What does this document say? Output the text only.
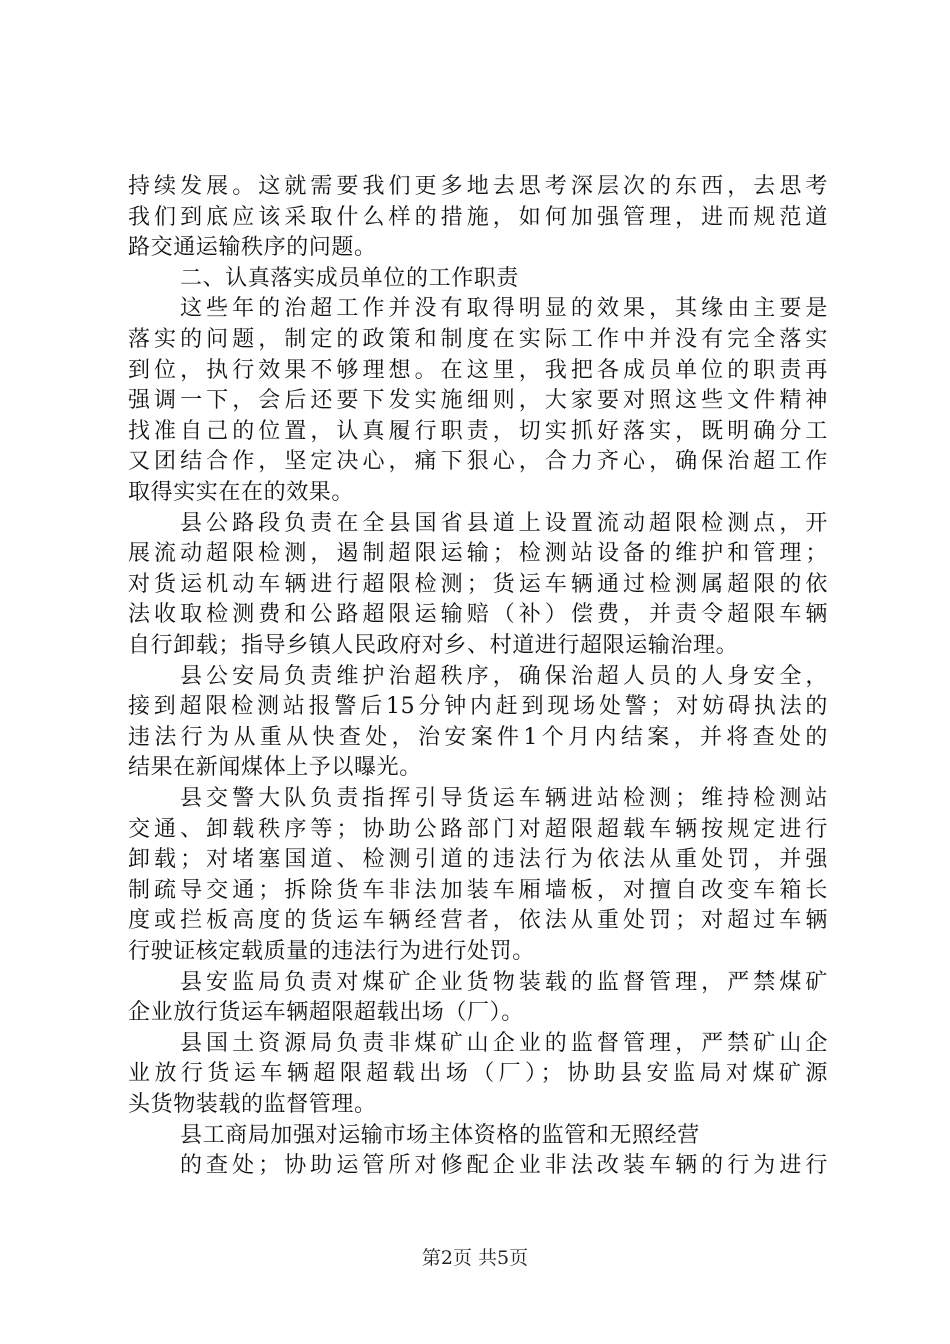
持续发展。这就需要我们更多地去思考深层次的东西，去思考
我们到底应该采取什么样的措施，如何加强管理，进而规范道
路交通运输秩序的问题。
二、认真落实成员单位的工作职责
这些年的治超工作并没有取得明显的效果，其缘由主要是
落实的问题，制定的政策和制度在实际工作中并没有完全落实
到位，执行效果不够理想。在这里，我把各成员单位的职责再
强调一下，会后还要下发实施细则，大家要对照这些文件精神
找准自己的位置，认真履行职责，切实抓好落实，既明确分工
又团结合作，坚定决心，痛下狠心，合力齐心，确保治超工作
取得实实在在的效果。
县公路段负责在全县国省县道上设置流动超限检测点，开
展流动超限检测，遏制超限运输；检测站设备的维护和管理；
对货运机动车辆进行超限检测；货运车辆通过检测属超限的依
法收取检测费和公路超限运输赔（补）偿费，并责令超限车辆
自行卸载；指导乡镇人民政府对乡、村道进行超限运输治理。
县公安局负责维护治超秩序，确保治超人员的人身安全，
接到超限检测站报警后15分钟内赶到现场处警；对妨碍执法的
违法行为从重从快查处，治安案件1个月内结案，并将查处的
结果在新闻煤体上予以曝光。
县交警大队负责指挥引导货运车辆进站检测；维持检测站
交通、卸载秩序等；协助公路部门对超限超载车辆按规定进行
卸载；对堵塞国道、检测引道的违法行为依法从重处罚，并强
制疏导交通；拆除货车非法加装车厢墙板，对擅自改变车箱长
度或拦板高度的货运车辆经营者，依法从重处罚；对超过车辆
行驶证核定载质量的违法行为进行处罚。
县安监局负责对煤矿企业货物装载的监督管理，严禁煤矿
企业放行货运车辆超限超载出场（厂）。
县国土资源局负责非煤矿山企业的监督管理，严禁矿山企
业放行货运车辆超限超载出场（厂）；协助县安监局对煤矿源
头货物装载的监督管理。
县工商局加强对运输市场主体资格的监管和无照经营
的查处；协助运管所对修配企业非法改装车辆的行为进行
第2页 共5页
